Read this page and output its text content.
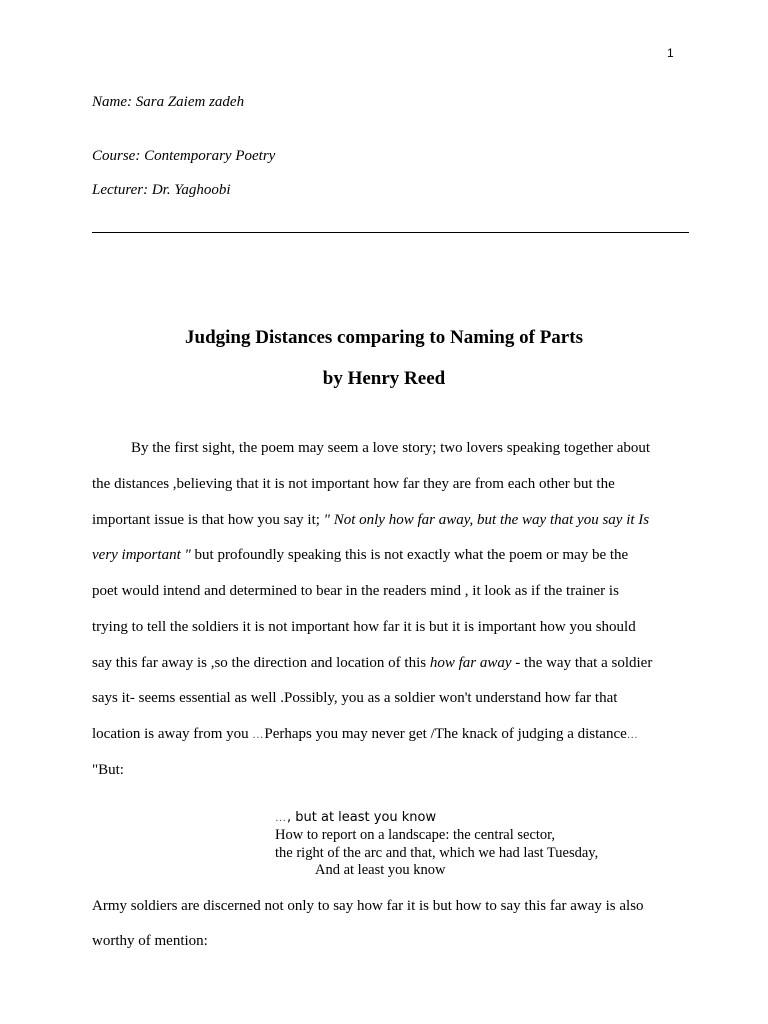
1
Name: Sara Zaiem zadeh
Course: Contemporary Poetry
Lecturer: Dr. Yaghoobi
Judging Distances comparing to Naming of Parts
by Henry Reed
By the first sight, the poem may seem a love story; two lovers speaking together about
the distances ,believing that it is not important how far they are from each other but the
important issue is that how you say it; " Not only how far away, but the way that you say it Is
very important " but profoundly speaking this is not exactly what the poem or may be the
poet would intend and determined to bear in the readers mind , it look as if the trainer is
trying to tell the soldiers it is not important how far it is but it is important how you should
say this far away is ,so the direction and location of this how far away - the way that a soldier
says it- seems essential as well .Possibly, you as a soldier won't understand how far that
location is away from you …Perhaps you may never get /The knack of judging a distance…
"But:
…, but at least you know
How to report on a landscape: the central sector,
the right of the arc and that, which we had last Tuesday,
And at least you know
Army soldiers are discerned not only to say how far it is but how to say this far away is also
worthy of mention:
